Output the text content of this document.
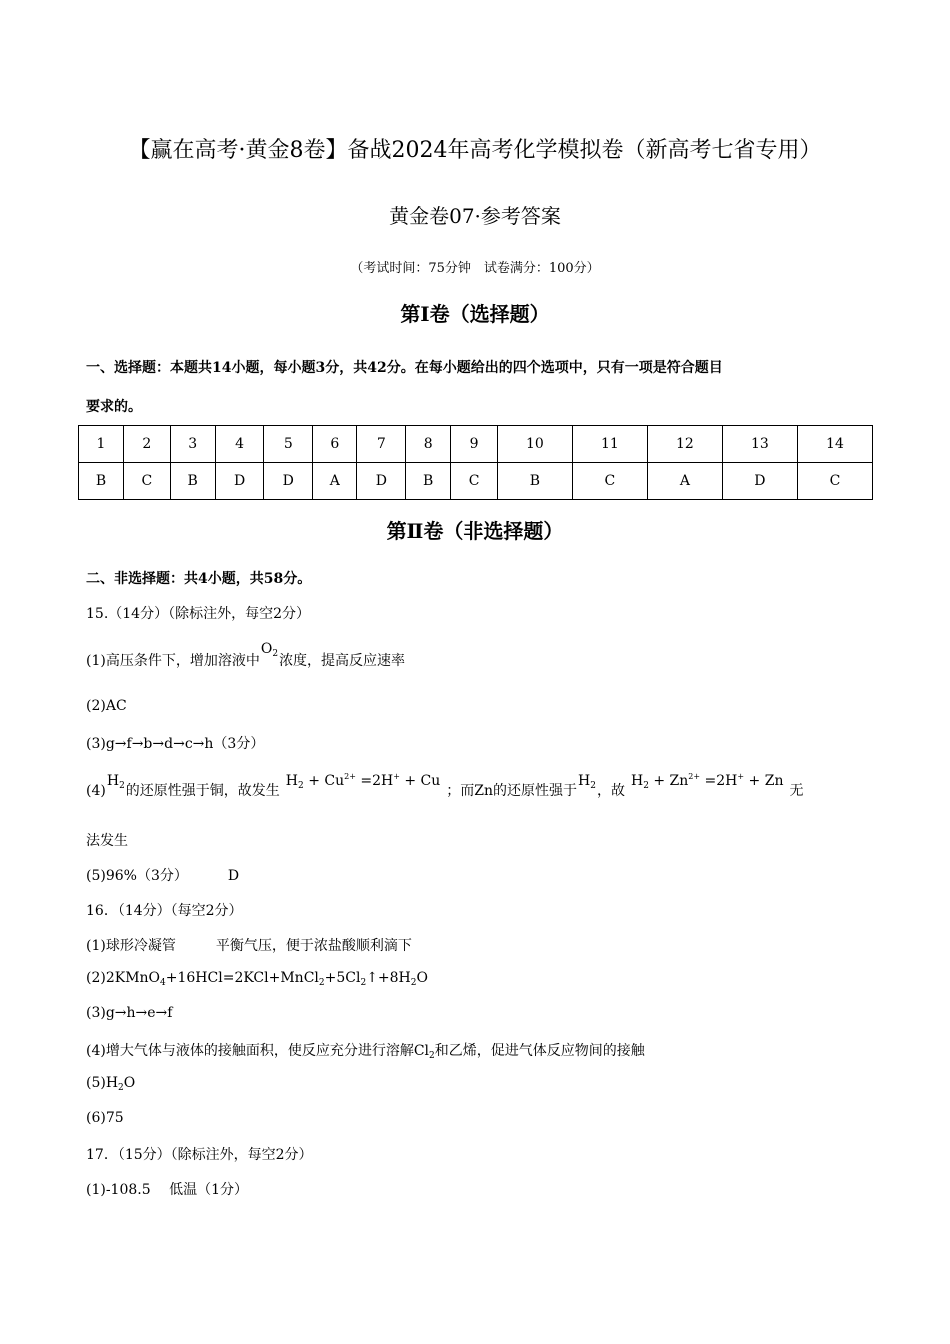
【赢在高考·黄金8卷】备战2024年高考化学模拟卷（新高考七省专用）
黄金卷07·参考答案
（考试时间：75分钟　试卷满分：100分）
第I卷（选择题）
一、选择题：本题共14小题，每小题3分，共42分。在每小题给出的四个选项中，只有一项是符合题目
要求的。
1	2	3	4	5	6	7	8	9	10	11	12	13	14
B	C	B	D	D	A	D	B	C	B	C	A	D	C
第Ⅱ卷（非选择题）
二、非选择题：共4小题，共58分。
15.（14分）（除标注外，每空2分）
(1)高压条件下，增加溶液中$O_2$浓度，提高反应速率
(2)AC
(3)g→f→b→d→c→h（3分）
$(4)H_2$的还原性强于铜，故发生$H_2 + Cu^{2+} =2H^+ + Cu$；而Zn的还原性强于$H_2$，故$H_2 + Zn^{2+} =2H^+ + Zn$无
法发生
(5)96%（3分）	D
16．（14分）（每空2分）
(1)球形冷凝管	平衡气压，便于浓盐酸顺利滴下
$(2)2KMnO_4+16HCl=2KCl+MnCl_2+5Cl_2↑+8H_2O$
(3)g→h→e→f
(4)增大气体与液体的接触面积，使反应充分进行溶解$Cl_2$和乙烯，促进气体反应物间的接触
$(5)H_2O$
(6)75
17．（15分）（除标注外，每空2分）
(1)-108.5　 低温（1分）
